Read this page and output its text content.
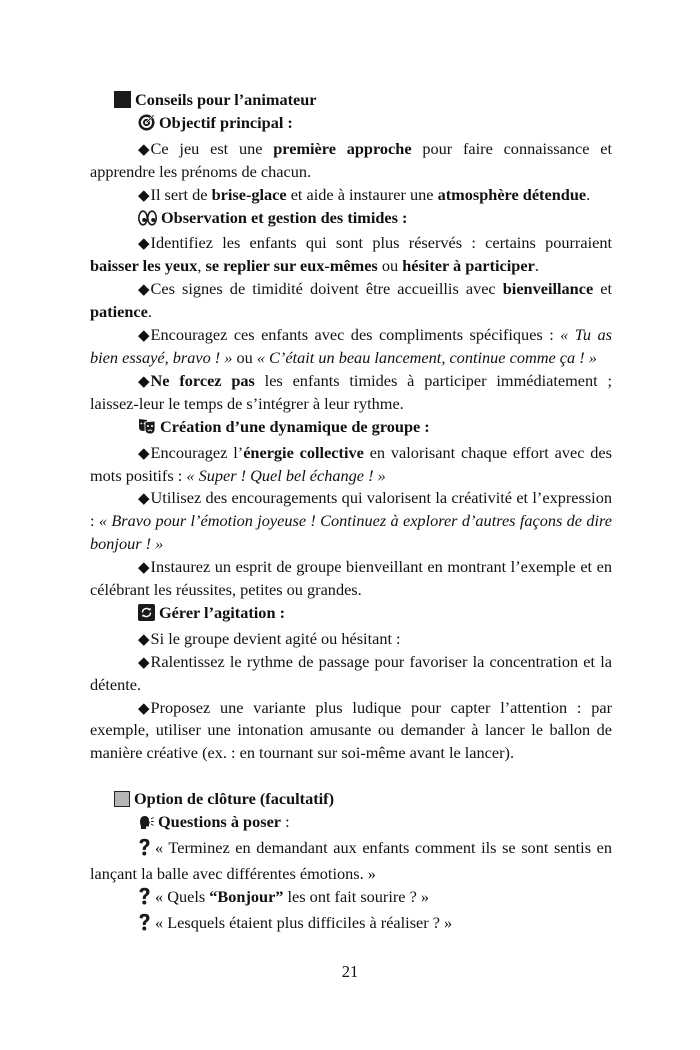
Conseils pour l’animateur

Objectif principal :

◆Ce jeu est une première approche pour faire connaissance et apprendre les prénoms de chacun.

◆Il sert de brise-glace et aide à instaurer une atmosphère détendue.

Observation et gestion des timides :

◆Identifiez les enfants qui sont plus réservés : certains pourraient baisser les yeux, se replier sur eux-mêmes ou hésiter à participer.

◆Ces signes de timidité doivent être accueillis avec bienveillance et patience.

◆Encouragez ces enfants avec des compliments spécifiques : « Tu as bien essayé, bravo ! » ou « C’était un beau lancement, continue comme ça ! »

◆Ne forcez pas les enfants timides à participer immédiatement ; laissez-leur le temps de s’intégrer à leur rythme.

Création d’une dynamique de groupe :

◆Encouragez l’énergie collective en valorisant chaque effort avec des mots positifs : « Super ! Quel bel échange ! »

◆Utilisez des encouragements qui valorisent la créativité et l’expression : « Bravo pour l’émotion joyeuse ! Continuez à explorer d’autres façons de dire bonjour ! »

◆Instaurez un esprit de groupe bienveillant en montrant l’exemple et en célébrant les réussites, petites ou grandes.

Gérer l’agitation :

◆Si le groupe devient agité ou hésitant :

◆Ralentissez le rythme de passage pour favoriser la concentration et la détente.

◆Proposez une variante plus ludique pour capter l’attention : par exemple, utiliser une intonation amusante ou demander à lancer le ballon de manière créative (ex. : en tournant sur soi-même avant le lancer).

Option de clôture (facultatif)

Questions à poser :

« Terminez en demandant aux enfants comment ils se sont sentis en lançant la balle avec différentes émotions. »

« Quels “Bonjour” les ont fait sourire ? »

« Lesquels étaient plus difficiles à réaliser ? »

21
